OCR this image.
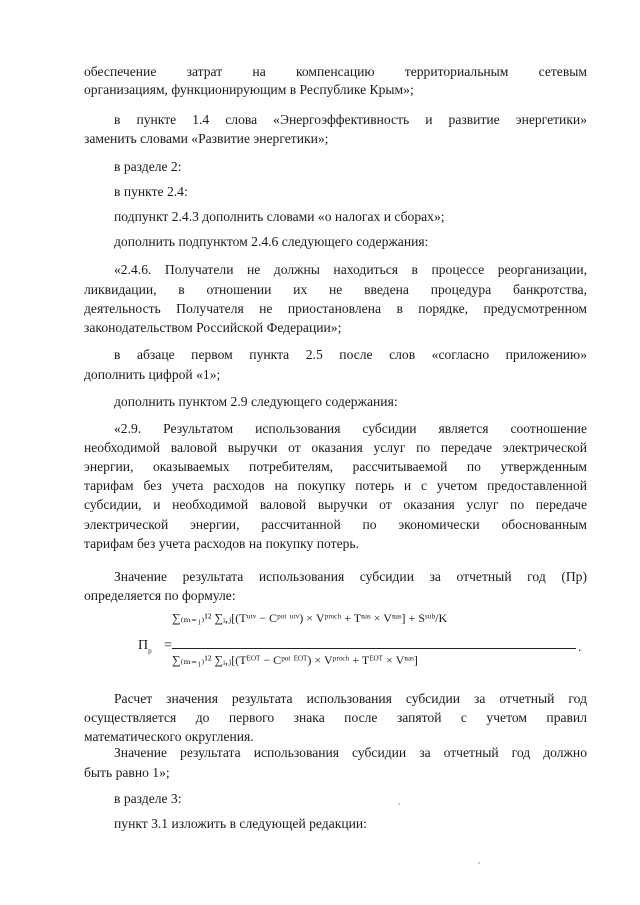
обеспечение затрат на компенсацию территориальным сетевым
организациям, функционирующим в Республике Крым»;
в пункте 1.4 слова «Энергоэффективность и развитие энергетики»
заменить словами «Развитие энергетики»;
в разделе 2:
в пункте 2.4:
подпункт 2.4.3 дополнить словами «о налогах и сборах»;
дополнить подпунктом 2.4.6 следующего содержания:
«2.4.6. Получатели не должны находиться в процессе реорганизации,
ликвидации, в отношении их не введена процедура банкротства,
деятельность Получателя не приостановлена в порядке, предусмотренном
законодательством Российской Федерации»;
в абзаце первом пункта 2.5 после слов «согласно приложению»
дополнить цифрой «1»;
дополнить пунктом 2.9 следующего содержания:
«2.9. Результатом использования субсидии является соотношение
необходимой валовой выручки от оказания услуг по передаче электрической
энергии, оказываемых потребителям, рассчитываемой по утвержденным
тарифам без учета расходов на покупку потерь и с учетом предоставленной
субсидии, и необходимой валовой выручки от оказания услуг по передаче
электрической энергии, рассчитанной по экономически обоснованным
тарифам без учета расходов на покупку потерь.
Значение результата использования субсидии за отчетный год (Пр)
определяется по формуле:
$П_р$ =
∑₍ₘ₌₁₎¹² ∑ᵢ,ⱼ[(Tᵘᵗᵛ − Cᵖᵒᵗ ᵘᵗᵛ) × Vᵖʳᵒᶜʰ + Tⁿᵃˢ × Vⁿᵃˢ] + Sˢᵘᵇ/K
∑₍ₘ₌₁₎¹² ∑ᵢ,ⱼ[(Tᴱᴼᵀ − Cᵖᵒᵗ ᴱᴼᵀ) × Vᵖʳᵒᶜʰ + Tᴱᴼᵀ × Vⁿᵃˢ]
.
Расчет значения результата использования субсидии за отчетный год
осуществляется до первого знака после запятой с учетом правил
математического округления.
Значение результата использования субсидии за отчетный год должно
быть равно 1»;
в разделе 3:
пункт 3.1 изложить в следующей редакции:
